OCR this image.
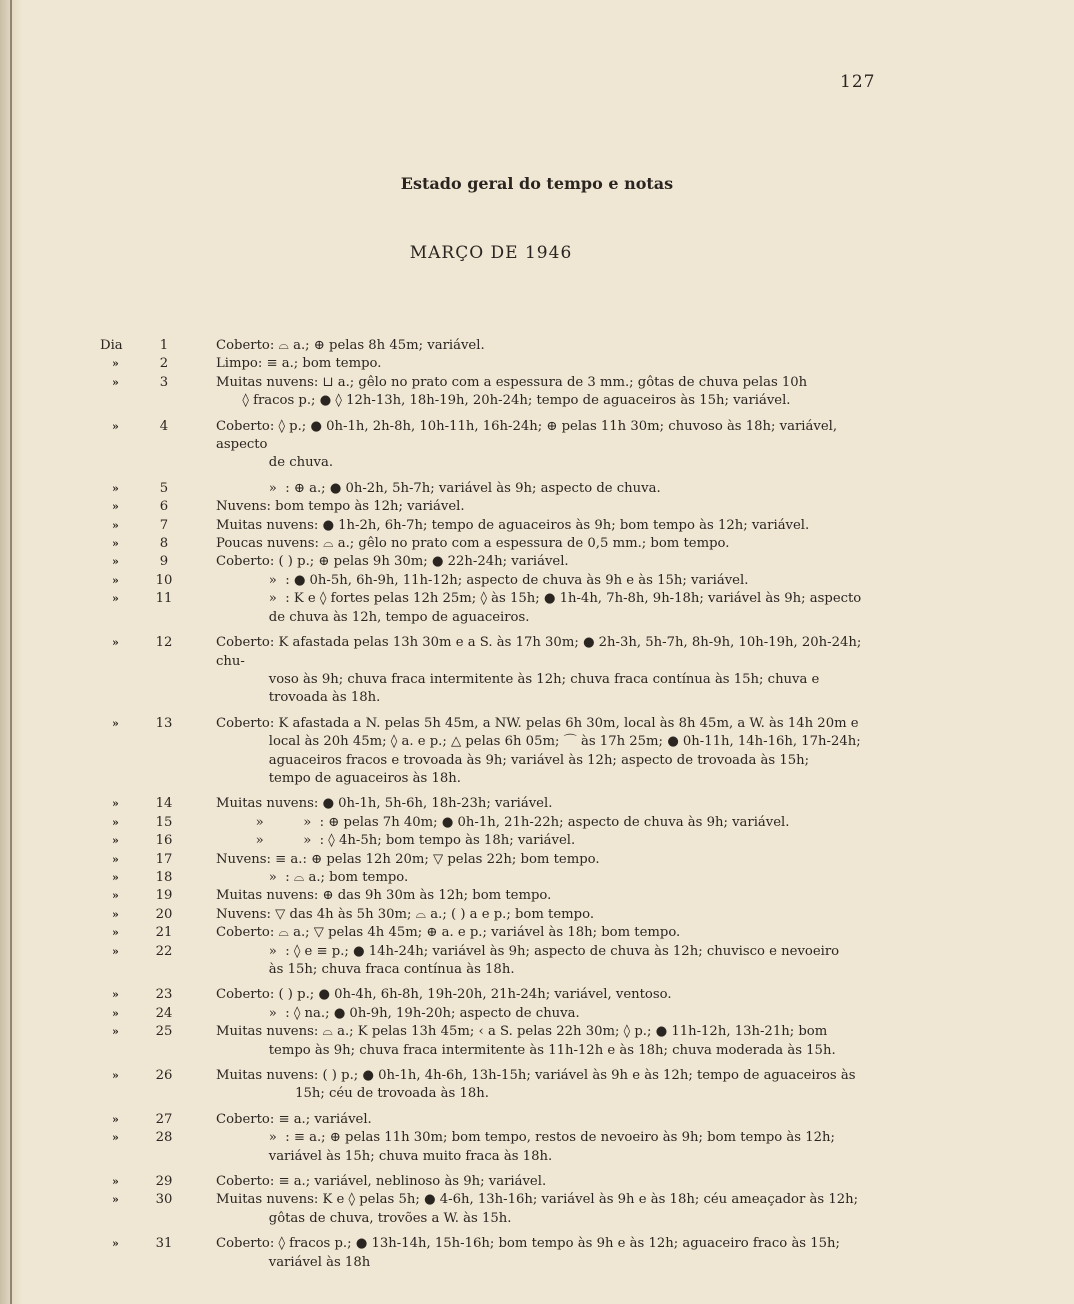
127
Estado geral do tempo e notas
MARÇO DE 1946
Dia	1	Coberto: ⌓ a.; ⊕ pelas 8h 45m; variável.
»	2	Limpo: ≡ a.; bom tempo.
»	3	Muitas nuvens: ⊔ a.; gêlo no prato com a espessura de 3 mm.; gôtas de chuva pelas 10h
  ◊ fracos p.; ● ◊ 12h-13h, 18h-19h, 20h-24h; tempo de aguaceiros às 15h; variável.
»	4	Coberto: ◊ p.; ● 0h-1h, 2h-8h, 10h-11h, 16h-24h; ⊕ pelas 11h 30m; chuvoso às 18h; variável, aspecto
    de chuva.
»	5	    »  : ⊕ a.; ● 0h-2h, 5h-7h; variável às 9h; aspecto de chuva.
»	6	Nuvens: bom tempo às 12h; variável.
»	7	Muitas nuvens: ● 1h-2h, 6h-7h; tempo de aguaceiros às 9h; bom tempo às 12h; variável.
»	8	Poucas nuvens: ⌓ a.; gêlo no prato com a espessura de 0,5 mm.; bom tempo.
»	9	Coberto: ( ) p.; ⊕ pelas 9h 30m; ● 22h-24h; variável.
»	10	    »  : ● 0h-5h, 6h-9h, 11h-12h; aspecto de chuva às 9h e às 15h; variável.
»	11	    »  : K e ◊ fortes pelas 12h 25m; ◊ às 15h; ● 1h-4h, 7h-8h, 9h-18h; variável às 9h; aspecto
    de chuva às 12h, tempo de aguaceiros.
»	12	Coberto: K afastada pelas 13h 30m e a S. às 17h 30m; ● 2h-3h, 5h-7h, 8h-9h, 10h-19h, 20h-24h; chu-
    voso às 9h; chuva fraca intermitente às 12h; chuva fraca contínua às 15h; chuva e
    trovoada às 18h.
»	13	Coberto: K afastada a N. pelas 5h 45m, a NW. pelas 6h 30m, local às 8h 45m, a W. às 14h 20m e
    local às 20h 45m; ◊ a. e p.; △ pelas 6h 05m; ⌒ às 17h 25m; ● 0h-11h, 14h-16h, 17h-24h;
    aguaceiros fracos e trovoada às 9h; variável às 12h; aspecto de trovoada às 15h;
    tempo de aguaceiros às 18h.
»	14	Muitas nuvens: ● 0h-1h, 5h-6h, 18h-23h; variável.
»	15	   »   »  : ⊕ pelas 7h 40m; ● 0h-1h, 21h-22h; aspecto de chuva às 9h; variável.
»	16	   »   »  : ◊ 4h-5h; bom tempo às 18h; variável.
»	17	Nuvens: ≡ a.: ⊕ pelas 12h 20m; ▽ pelas 22h; bom tempo.
»	18	    »  : ⌓ a.; bom tempo.
»	19	Muitas nuvens: ⊕ das 9h 30m às 12h; bom tempo.
»	20	Nuvens: ▽ das 4h às 5h 30m; ⌓ a.; ( ) a e p.; bom tempo.
»	21	Coberto: ⌓ a.; ▽ pelas 4h 45m; ⊕ a. e p.; variável às 18h; bom tempo.
»	22	    »  : ◊ e ≡ p.; ● 14h-24h; variável às 9h; aspecto de chuva às 12h; chuvisco e nevoeiro
    às 15h; chuva fraca contínua às 18h.
»	23	Coberto: ( ) p.; ● 0h-4h, 6h-8h, 19h-20h, 21h-24h; variável, ventoso.
»	24	    »  : ◊ na.; ● 0h-9h, 19h-20h; aspecto de chuva.
»	25	Muitas nuvens: ⌓ a.; K pelas 13h 45m; ‹ a S. pelas 22h 30m; ◊ p.; ● 11h-12h, 13h-21h; bom
    tempo às 9h; chuva fraca intermitente às 11h-12h e às 18h; chuva moderada às 15h.
»	26	Muitas nuvens: ( ) p.; ● 0h-1h, 4h-6h, 13h-15h; variável às 9h e às 12h; tempo de aguaceiros às
      15h; céu de trovoada às 18h.
»	27	Coberto: ≡ a.; variável.
»	28	    »  : ≡ a.; ⊕ pelas 11h 30m; bom tempo, restos de nevoeiro às 9h; bom tempo às 12h;
    variável às 15h; chuva muito fraca às 18h.
»	29	Coberto: ≡ a.; variável, neblinoso às 9h; variável.
»	30	Muitas nuvens: K e ◊ pelas 5h; ● 4-6h, 13h-16h; variável às 9h e às 18h; céu ameaçador às 12h;
    gôtas de chuva, trovões a W. às 15h.
»	31	Coberto: ◊ fracos p.; ● 13h-14h, 15h-16h; bom tempo às 9h e às 12h; aguaceiro fraco às 15h;
    variável às 18h
